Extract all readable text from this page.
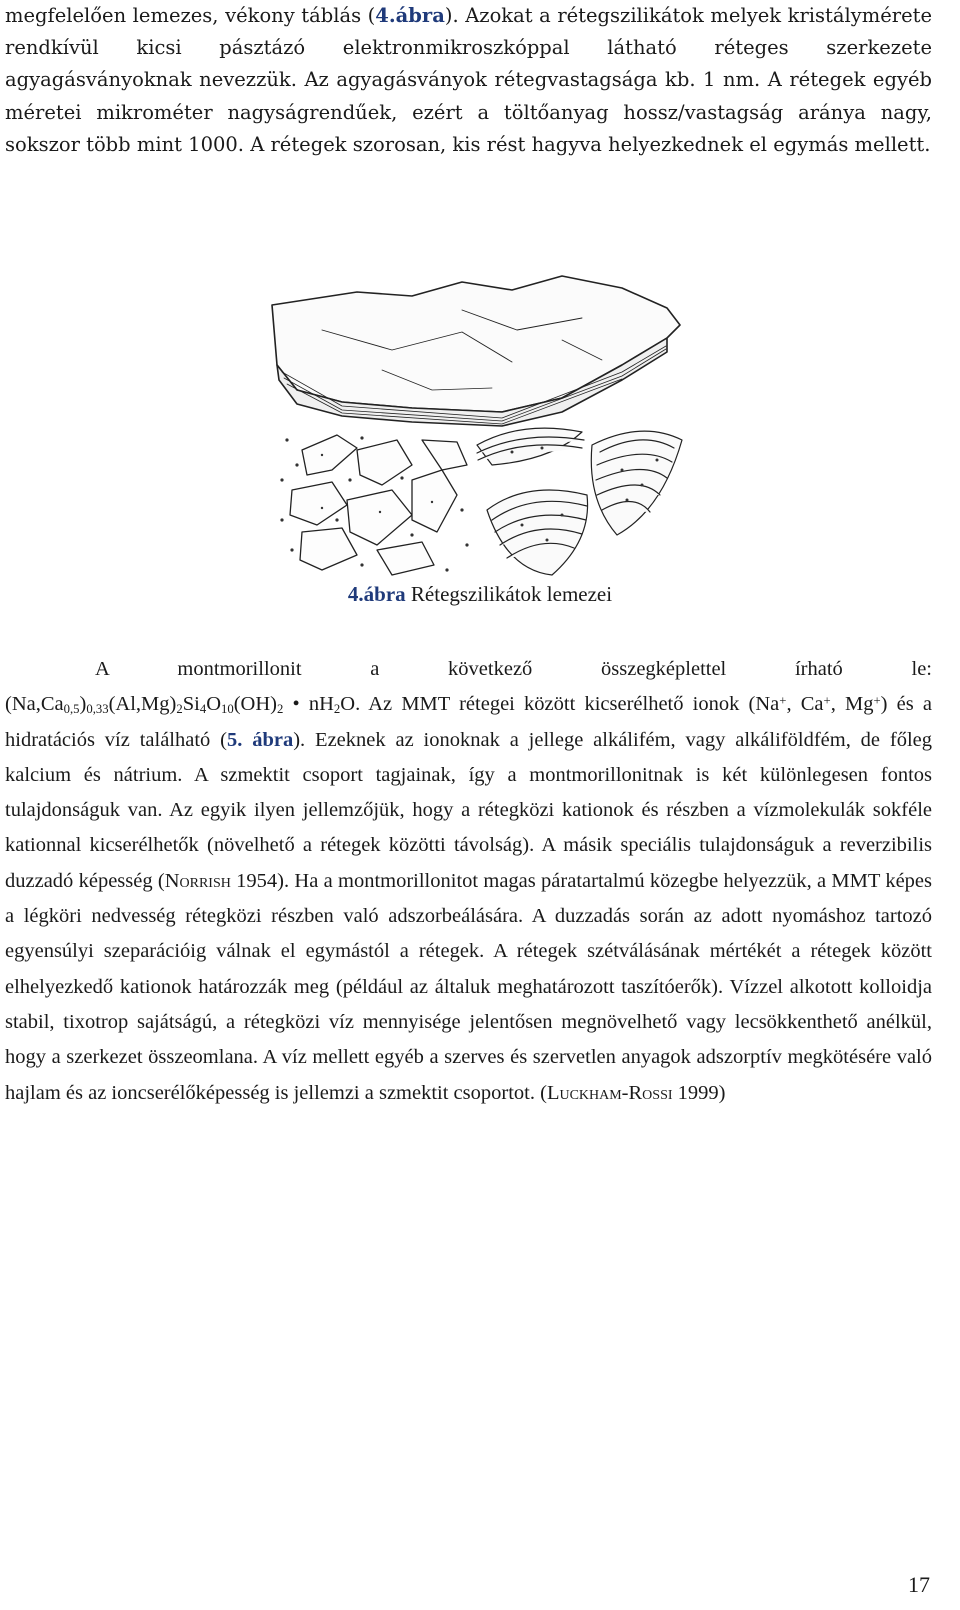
megfelelően lemezes, vékony táblás (4.ábra). Azokat a rétegszilikátok melyek kristálymérete rendkívül kicsi pásztázó elektronmikroszkóppal látható réteges szerkezete agyagásványoknak nevezzük. Az agyagásványok rétegvastagsága kb. 1 nm. A rétegek egyéb méretei mikrométer nagyságrendűek, ezért a töltőanyag hossz/vastagság aránya nagy, sokszor több mint 1000. A rétegek szorosan, kis rést hagyva helyezkednek el egymás mellett.

4.ábra Rétegszilikátok lemezei

A montmorillonit a következő összegképlettel írható le:
$(Na,Ca_{0,5})_{0,33}(Al,Mg)_2Si_4O_{10}(OH)_2$ • $nH_2O$. Az MMT rétegei között kicserélhető ionok (Na+, Ca+, Mg+) és a hidratációs víz található (5. ábra). Ezeknek az ionoknak a jellege alkálifém, vagy alkáliföldfém, de főleg kalcium és nátrium. A szmektit csoport tagjainak, így a montmorillonitnak is két különlegesen fontos tulajdonságuk van. Az egyik ilyen jellemzőjük, hogy a rétegközi kationok és részben a vízmolekulák sokféle kationnal kicserélhetők (növelhető a rétegek közötti távolság). A másik speciális tulajdonságuk a reverzibilis duzzadó képesség (Norrish 1954). Ha a montmorillonitot magas páratartalmú közegbe helyezzük, a MMT képes a légköri nedvesség rétegközi részben való adszorbeálására. A duzzadás során az adott nyomáshoz tartozó egyensúlyi szeparációig válnak el egymástól a rétegek. A rétegek szétválásának mértékét a rétegek között elhelyezkedő kationok határozzák meg (például az általuk meghatározott taszítóerők). Vízzel alkotott kolloidja stabil, tixotrop sajátságú, a rétegközi víz mennyisége jelentősen megnövelhető vagy lecsökkenthető anélkül, hogy a szerkezet összeomlana. A víz mellett egyéb a szerves és szervetlen anyagok adszorptív megkötésére való hajlam és az ioncserélőképesség is jellemzi a szmektit csoportot. (Luckham-Rossi 1999)

17
